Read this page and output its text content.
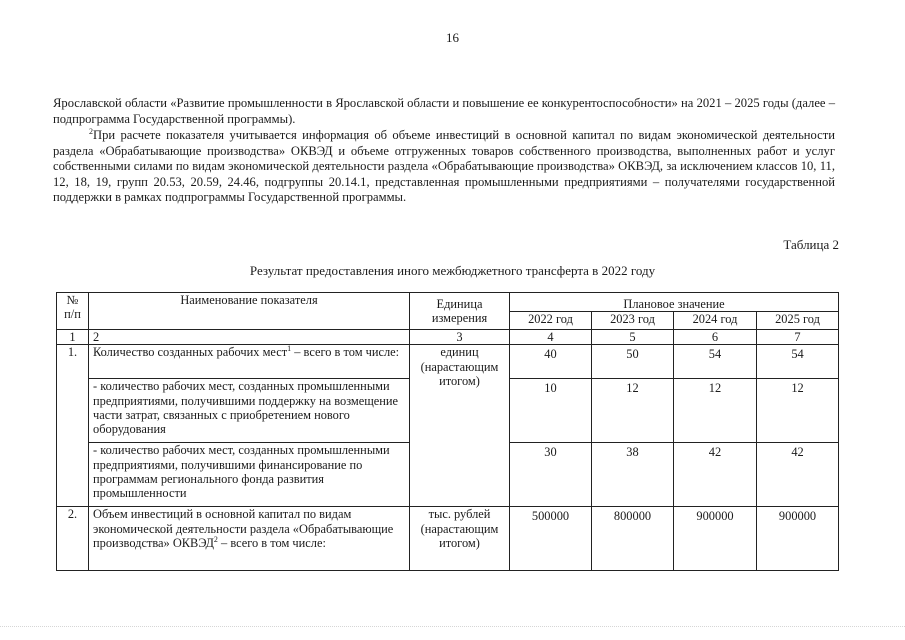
16

Ярославской области «Развитие промышленности в Ярославской области и повышение ее конкурентоспособности» на 2021 – 2025 годы (далее – подпрограмма Государственной программы).

$^2$При расчете показателя учитывается информация об объеме инвестиций в основной капитал по видам экономической деятельности раздела «Обрабатывающие производства» ОКВЭД и объеме отгруженных товаров собственного производства, выполненных работ и услуг собственными силами по видам экономической деятельности раздела «Обрабатывающие производства» ОКВЭД, за исключением классов 10, 11, 12, 18, 19, групп 20.53, 20.59, 24.46, подгруппы 20.14.1, представленная промышленными предприятиями – получателями государственной поддержки в рамках подпрограммы Государственной программы.

Таблица 2
Результат предоставления иного межбюджетного трансферта в 2022 году
№ п/п	Наименование показателя	Единица измерения	Плановое значение			
			2022 год	2023 год	2024 год	2025 год
1	2	3	4	5	6	7
1.	Количество созданных рабочих мест$^1$ – всего в том числе:	единиц (нарастающим итогом)	40	50	54	54
	- количество рабочих мест, созданных промышленными предприятиями, получившими поддержку на возмещение части затрат, связанных с приобретением нового оборудования		10	12	12	12
	- количество рабочих мест, созданных промышленными предприятиями, получившими финансирование по программам регионального фонда развития промышленности		30	38	42	42
2.	Объем инвестиций в основной капитал по видам экономической деятельности раздела «Обрабатывающие производства» ОКВЭД$^2$ – всего в том числе:	тыс. рублей (нарастающим итогом)	500000	800000	900000	900000
